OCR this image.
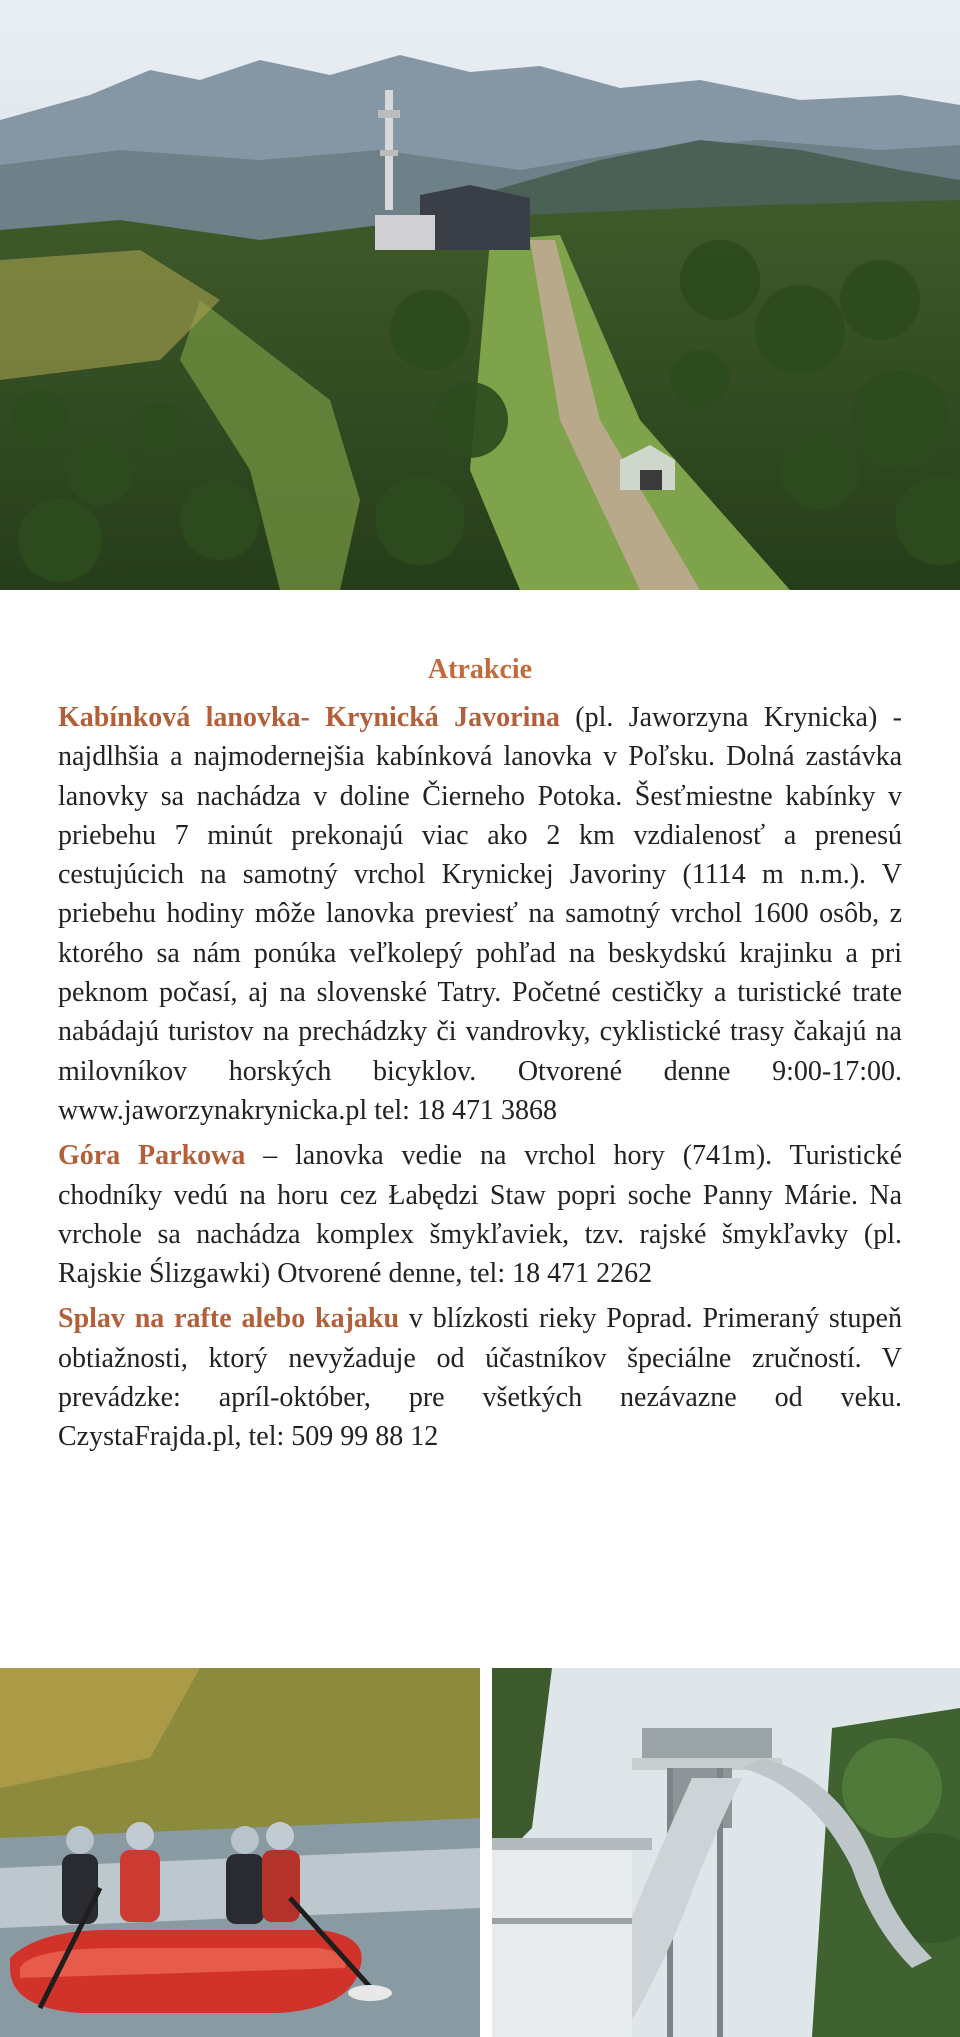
Atrakcie

Kabínková lanovka- Krynická Javorina (pl. Jaworzyna Krynicka) - najdlhšia a najmodernejšia kabínková lanovka v Poľsku. Dolná zastávka lanovky sa nachádza v doline Čierneho Potoka. Šesťmiestne kabínky v priebehu 7 minút prekonajú viac ako 2 km vzdialenosť a prenesú cestujúcich na samotný vrchol Krynickej Javoriny (1114 m n.m.). V priebehu hodiny môže lanovka previesť na samotný vrchol 1600 osôb, z ktorého sa nám ponúka veľkolepý pohľad na beskydskú krajinku a pri peknom počasí, aj na slovenské Tatry. Početné cestičky a turistické trate nabádajú turistov na prechádzky či vandrovky, cyklistické trasy čakajú na milovníkov horských bicyklov. Otvorené denne 9:00-17:00. www.jaworzynakrynicka.pl tel: 18 471 3868

Góra Parkowa – lanovka vedie na vrchol hory (741m). Turistické chodníky vedú na horu cez Łabędzi Staw popri soche Panny Márie. Na vrchole sa nachádza komplex šmykľaviek, tzv. rajské šmykľavky (pl. Rajskie Ślizgawki) Otvorené denne, tel: 18 471 2262

Splav na rafte alebo kajaku v blízkosti rieky Poprad. Primeraný stupeň obtiažnosti, ktorý nevyžaduje od účastníkov špeciálne zručností. V prevádzke: apríl-október, pre všetkých nezávazne od veku. CzystaFrajda.pl, tel: 509 99 88 12
